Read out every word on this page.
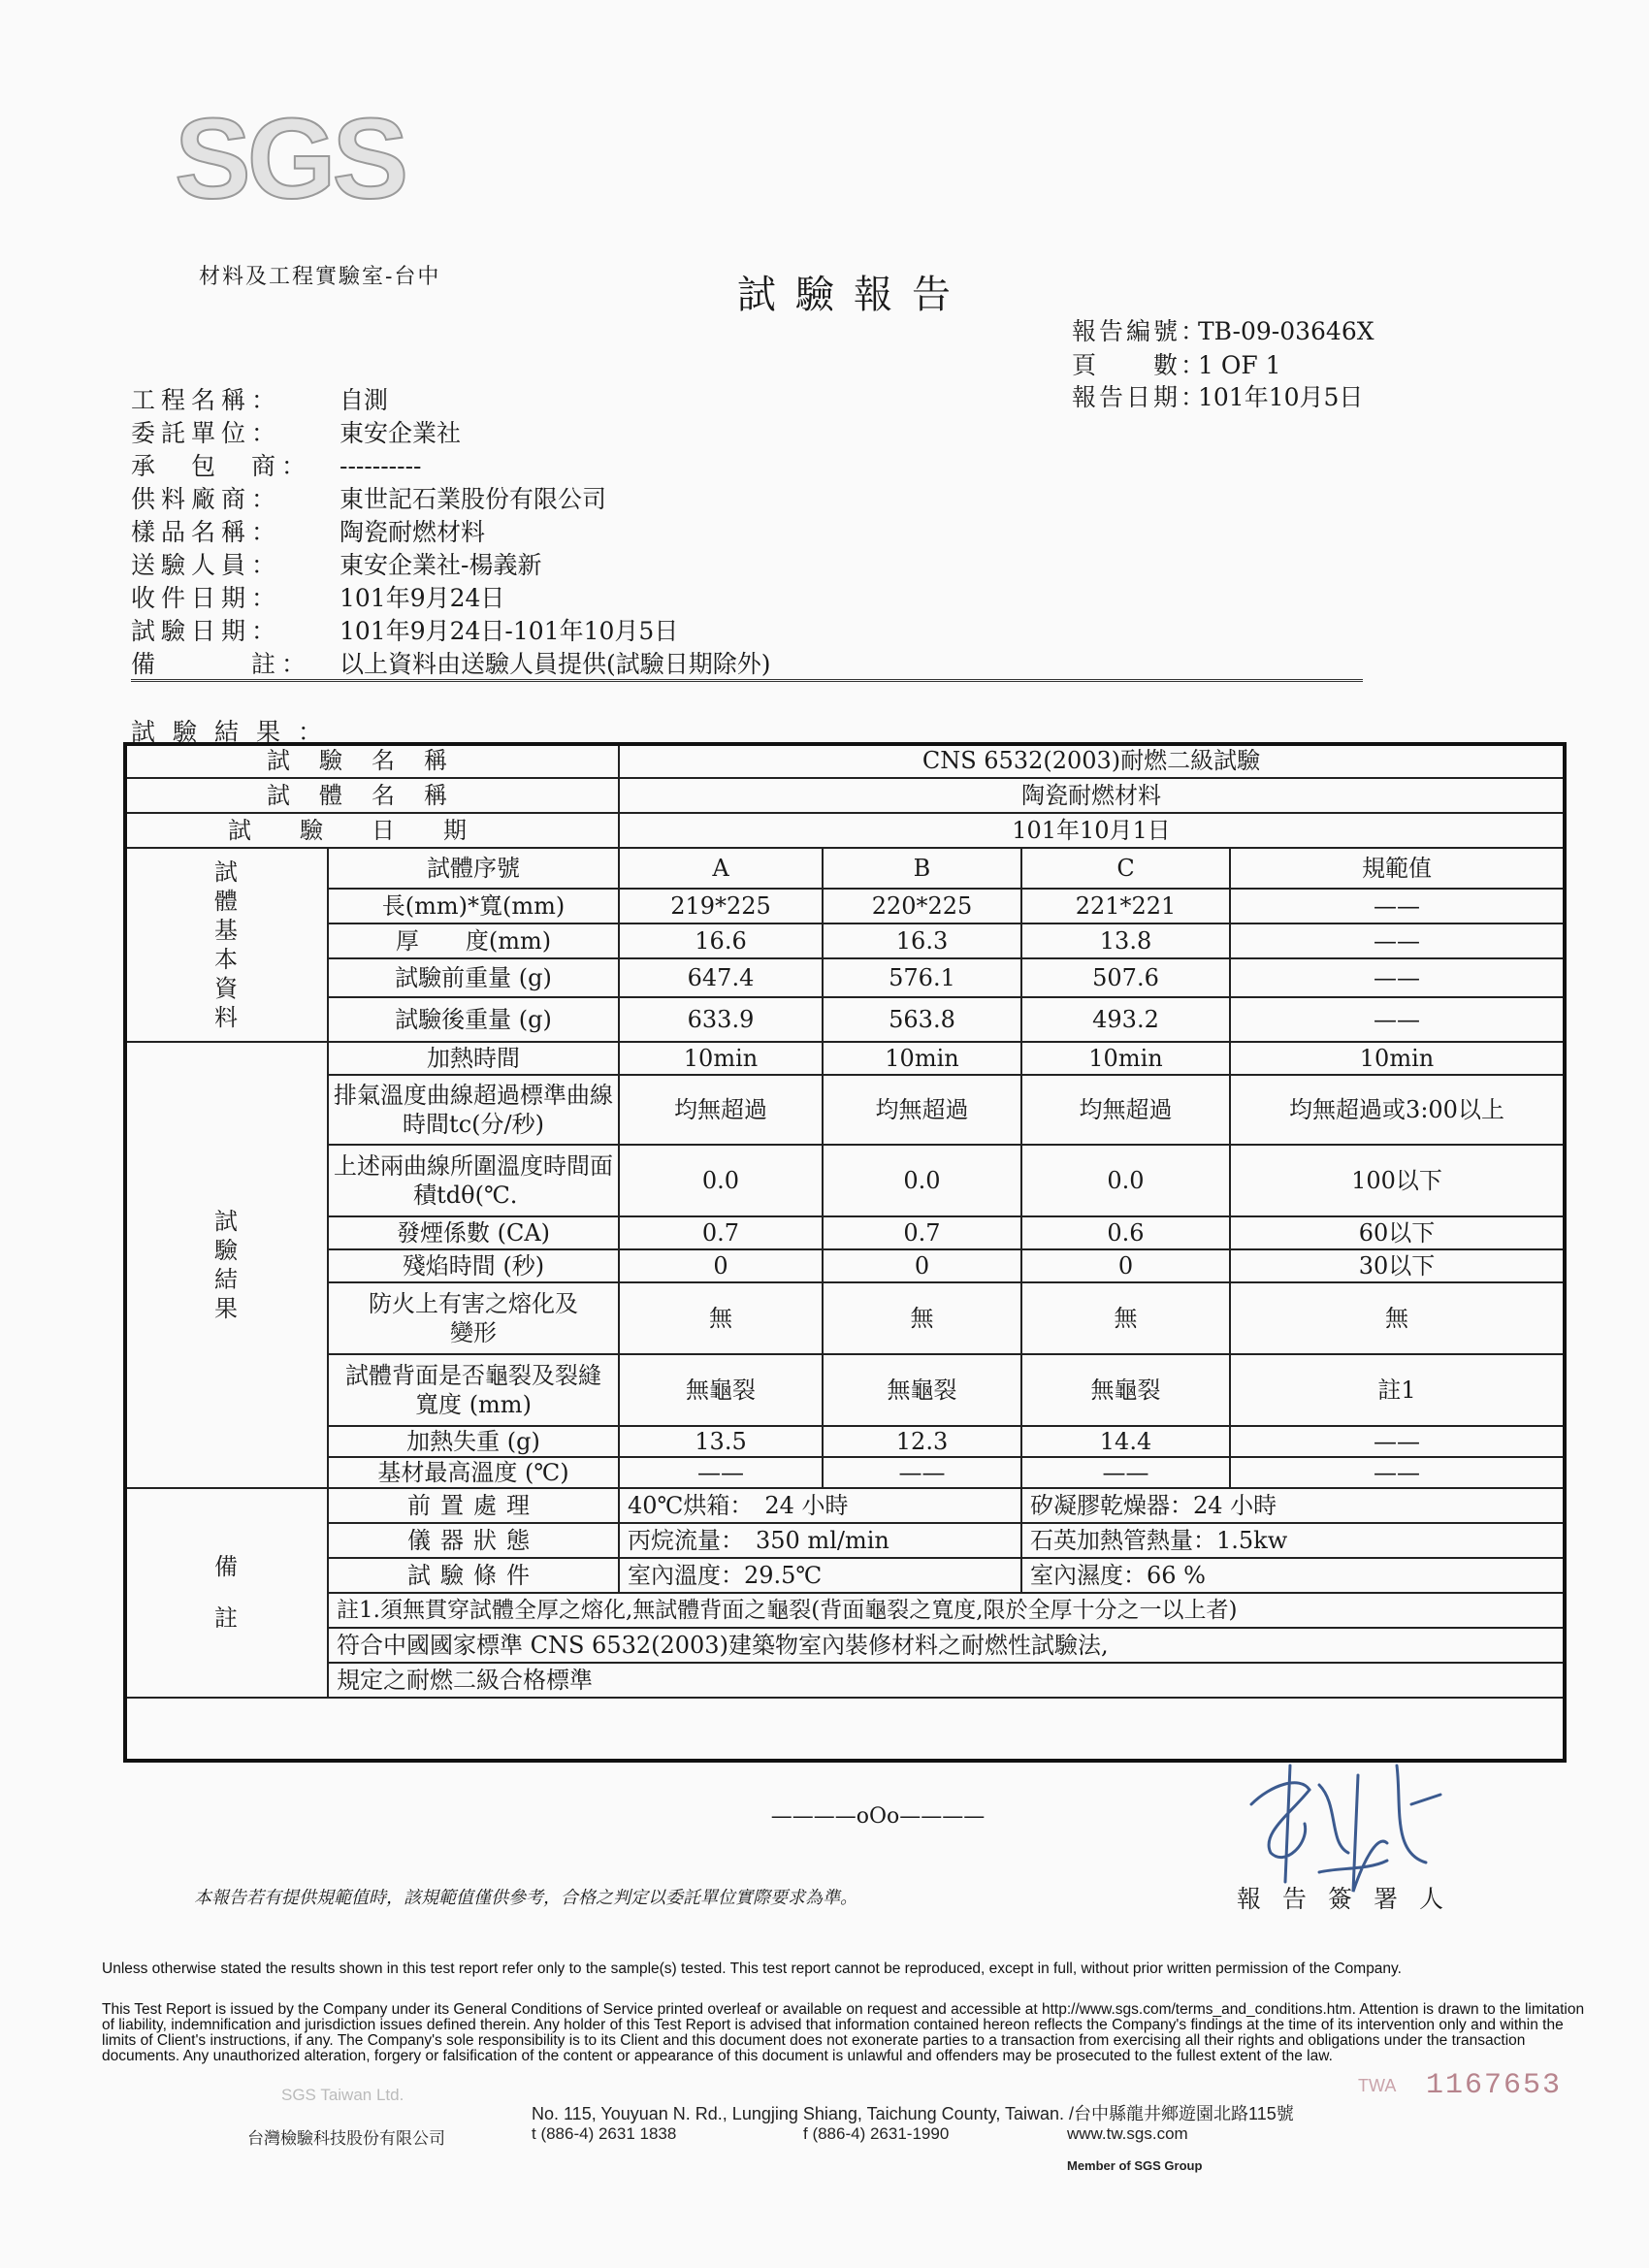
SGS
材料及工程實驗室-台中	試驗報告
報告編號：TB-09-03646X
頁　　數：1 OF 1
報告日期：101年10月5日
工程名稱： 自測
委託單位： 東安企業社
承　包　商： ----------
供料廠商： 東世記石業股份有限公司
樣品名稱： 陶瓷耐燃材料
送驗人員： 東安企業社-楊義新
收件日期： 101年9月24日
試驗日期： 101年9月24日-101年10月5日
備　　　註： 以上資料由送驗人員提供(試驗日期除外)
試驗結果：
試驗名稱		CNS 6532(2003)耐燃二級試驗			
試體名稱		陶瓷耐燃材料			
試驗日期		101年10月1日			

試體基本資料	試體序號	A	B	C	規範值
	長(mm)*寬(mm)	219*225	220*225	221*221	——
	厚　　度(mm)	16.6	16.3	13.8	——
	試驗前重量 (g)	647.4	576.1	507.6	——
	試驗後重量 (g)	633.9	563.8	493.2	——

試驗結果	加熱時間	10min	10min	10min	10min
	排氣溫度曲線超過標準曲線時間tc(分/秒)	均無超過	均無超過	均無超過	均無超過或3:00以上
	上述兩曲線所圍溫度時間面積tdθ(℃．	0.0	0.0	0.0	100以下
	發煙係數 (CA)	0.7	0.7	0.6	60以下
	殘焰時間 (秒)	0	0	0	30以下
	防火上有害之熔化及變形	無	無	無	無
	試體背面是否龜裂及裂縫寬度 (mm)	無龜裂	無龜裂	無龜裂	註1
	加熱失重 (g)	13.5	12.3	14.4	——
	基材最高溫度 (℃)	——	——	——	——

備註	前置處理	40℃烘箱：　24 小時		矽凝膠乾燥器：24 小時	
	儀器狀態	丙烷流量：　350 ml/min		石英加熱管熱量：1.5kw	
	試驗條件	室內溫度：29.5℃		室內濕度：66 %	
	註1.須無貫穿試體全厚之熔化,無試體背面之龜裂(背面龜裂之寬度,限於全厚十分之一以上者)				
	符合中國國家標準 CNS 6532(2003)建築物室內裝修材料之耐燃性試驗法,				
	規定之耐燃二級合格標準				
————oOo————
本報告若有提供規範值時，該規範值僅供參考，合格之判定以委託單位實際要求為準。	報告簽署人
Unless otherwise stated the results shown in this test report refer only to the sample(s) tested. This test report cannot be reproduced, except in full, without prior written permission of the Company.
This Test Report is issued by the Company under its General Conditions of Service printed overleaf or available on request and accessible at http://www.sgs.com/terms_and_conditions.htm. Attention is drawn to the limitation of liability, indemnification and jurisdiction issues defined therein. Any holder of this Test Report is advised that information contained hereon reflects the Company's findings at the time of its intervention only and within the limits of Client's instructions, if any. The Company's sole responsibility is to its Client and this document does not exonerate parties to a transaction from exercising all their rights and obligations under the transaction documents. Any unauthorized alteration, forgery or falsification of the content or appearance of this document is unlawful and offenders may be prosecuted to the fullest extent of the law.
SGS Taiwan Ltd.
台灣檢驗科技股份有限公司
No. 115, Youyuan N. Rd., Lungjing Shiang, Taichung County, Taiwan. /台中縣龍井鄉遊園北路115號
t (886-4) 2631 1838	f (886-4) 2631-1990	www.tw.sgs.com
Member of SGS Group
TWA 1167653
